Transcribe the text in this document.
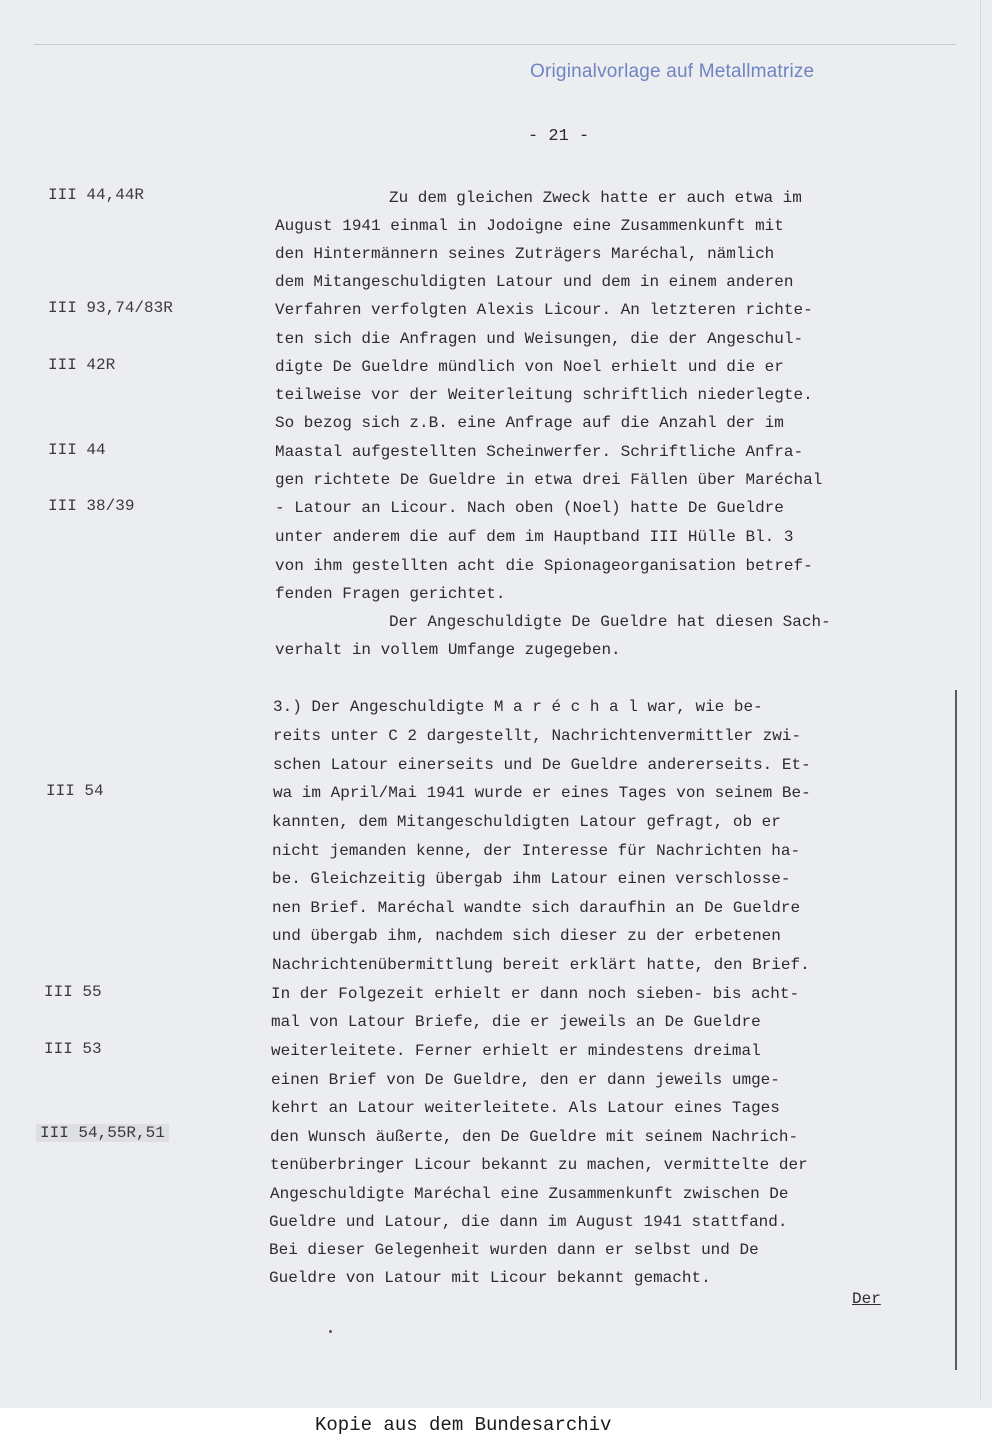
Originalvorlage auf Metallmatrize
- 21 -
III 44,44R
III 93,74/83R
III 42R
III 44
III 38/39
III 54
III 55
III 53
III 54,55R,51
Zu dem gleichen Zweck hatte er auch etwa im
August 1941 einmal in Jodoigne eine Zusammenkunft mit
den Hintermännern seines Zuträgers Maréchal, nämlich
dem Mitangeschuldigten Latour und dem in einem anderen
Verfahren verfolgten Alexis Licour. An letzteren richte-
ten sich die Anfragen und Weisungen, die der Angeschul-
digte De Gueldre mündlich von Noel erhielt und die er
teilweise vor der Weiterleitung schriftlich niederlegte.
So bezog sich z.B. eine Anfrage auf die Anzahl der im
Maastal aufgestellten Scheinwerfer. Schriftliche Anfra-
gen richtete De Gueldre in etwa drei Fällen über Maréchal
- Latour an Licour. Nach oben (Noel) hatte De Gueldre
unter anderem die auf dem im Hauptband III Hülle Bl. 3
von ihm gestellten acht die Spionageorganisation betref-
fenden Fragen gerichtet.
Der Angeschuldigte De Gueldre hat diesen Sach-
verhalt in vollem Umfange zugegeben.
3.) Der Angeschuldigte M a r é c h a l war, wie be-
reits unter C 2 dargestellt, Nachrichtenvermittler zwi-
schen Latour einerseits und De Gueldre andererseits. Et-
wa im April/Mai 1941 wurde er eines Tages von seinem Be-
kannten, dem Mitangeschuldigten Latour gefragt, ob er
nicht jemanden kenne, der Interesse für Nachrichten ha-
be. Gleichzeitig übergab ihm Latour einen verschlosse-
nen Brief. Maréchal wandte sich daraufhin an De Gueldre
und übergab ihm, nachdem sich dieser zu der erbetenen
Nachrichtenübermittlung bereit erklärt hatte, den Brief.
In der Folgezeit erhielt er dann noch sieben- bis acht-
mal von Latour Briefe, die er jeweils an De Gueldre
weiterleitete. Ferner erhielt er mindestens dreimal
einen Brief von De Gueldre, den er dann jeweils umge-
kehrt an Latour weiterleitete. Als Latour eines Tages
den Wunsch äußerte, den De Gueldre mit seinem Nachrich-
tenüberbringer Licour bekannt zu machen, vermittelte der
Angeschuldigte Maréchal eine Zusammenkunft zwischen De
Gueldre und Latour, die dann im August 1941 stattfand.
Bei dieser Gelegenheit wurden dann er selbst und De
Gueldre von Latour mit Licour bekannt gemacht.
Der
Kopie aus dem Bundesarchiv
